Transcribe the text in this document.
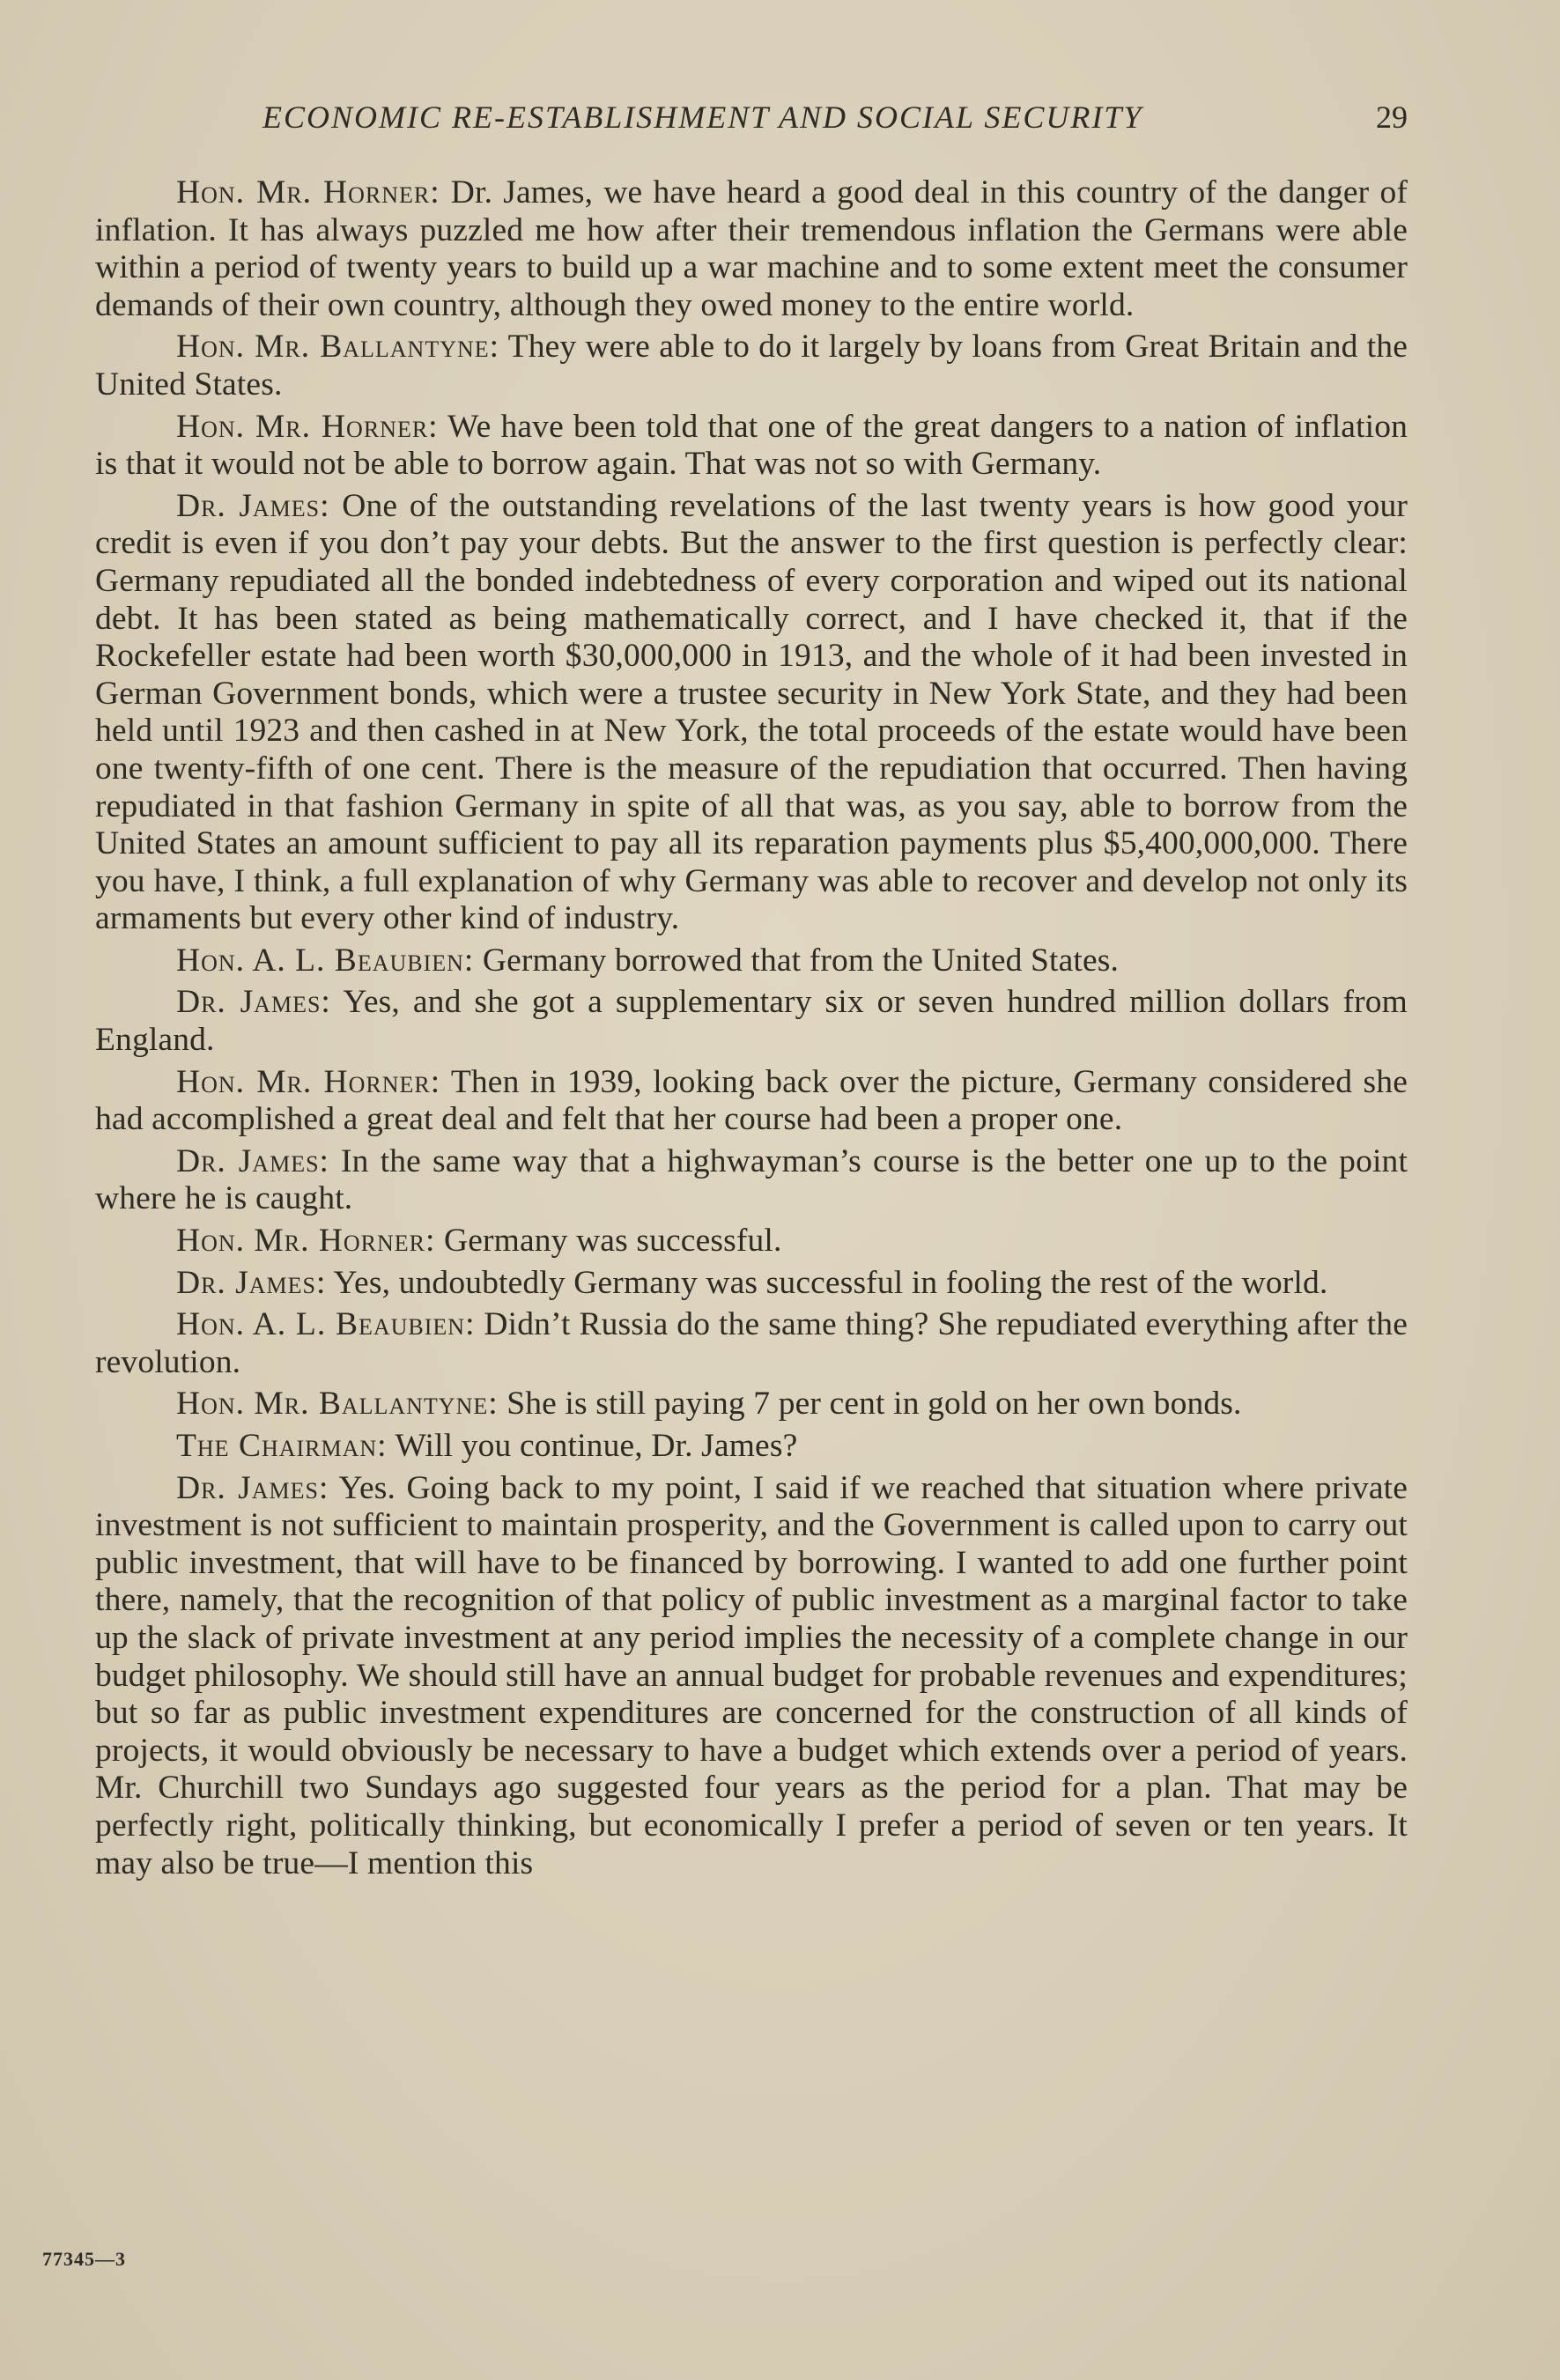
ECONOMIC RE-ESTABLISHMENT AND SOCIAL SECURITY	29

Hon. Mr. Horner: Dr. James, we have heard a good deal in this country of the danger of inflation. It has always puzzled me how after their tremendous inflation the Germans were able within a period of twenty years to build up a war machine and to some extent meet the consumer demands of their own country, although they owed money to the entire world.

Hon. Mr. Ballantyne: They were able to do it largely by loans from Great Britain and the United States.

Hon. Mr. Horner: We have been told that one of the great dangers to a nation of inflation is that it would not be able to borrow again. That was not so with Germany.

Dr. James: One of the outstanding revelations of the last twenty years is how good your credit is even if you don’t pay your debts. But the answer to the first question is perfectly clear: Germany repudiated all the bonded indebtedness of every corporation and wiped out its national debt. It has been stated as being mathematically correct, and I have checked it, that if the Rockefeller estate had been worth $30,000,000 in 1913, and the whole of it had been invested in German Government bonds, which were a trustee security in New York State, and they had been held until 1923 and then cashed in at New York, the total proceeds of the estate would have been one twenty-fifth of one cent. There is the measure of the repudiation that occurred. Then having repudiated in that fashion Germany in spite of all that was, as you say, able to borrow from the United States an amount sufficient to pay all its reparation payments plus $5,400,000,000. There you have, I think, a full explanation of why Germany was able to recover and develop not only its armaments but every other kind of industry.

Hon. A. L. Beaubien: Germany borrowed that from the United States.

Dr. James: Yes, and she got a supplementary six or seven hundred million dollars from England.

Hon. Mr. Horner: Then in 1939, looking back over the picture, Germany considered she had accomplished a great deal and felt that her course had been a proper one.

Dr. James: In the same way that a highwayman’s course is the better one up to the point where he is caught.

Hon. Mr. Horner: Germany was successful.

Dr. James: Yes, undoubtedly Germany was successful in fooling the rest of the world.

Hon. A. L. Beaubien: Didn’t Russia do the same thing? She repudiated everything after the revolution.

Hon. Mr. Ballantyne: She is still paying 7 per cent in gold on her own bonds.

The Chairman: Will you continue, Dr. James?

Dr. James: Yes. Going back to my point, I said if we reached that situation where private investment is not sufficient to maintain prosperity, and the Government is called upon to carry out public investment, that will have to be financed by borrowing. I wanted to add one further point there, namely, that the recognition of that policy of public investment as a marginal factor to take up the slack of private investment at any period implies the necessity of a complete change in our budget philosophy. We should still have an annual budget for probable revenues and expenditures; but so far as public investment expenditures are concerned for the construction of all kinds of projects, it would obviously be necessary to have a budget which extends over a period of years. Mr. Churchill two Sundays ago suggested four years as the period for a plan. That may be perfectly right, politically thinking, but economically I prefer a period of seven or ten years. It may also be true—I mention this

77345—3
